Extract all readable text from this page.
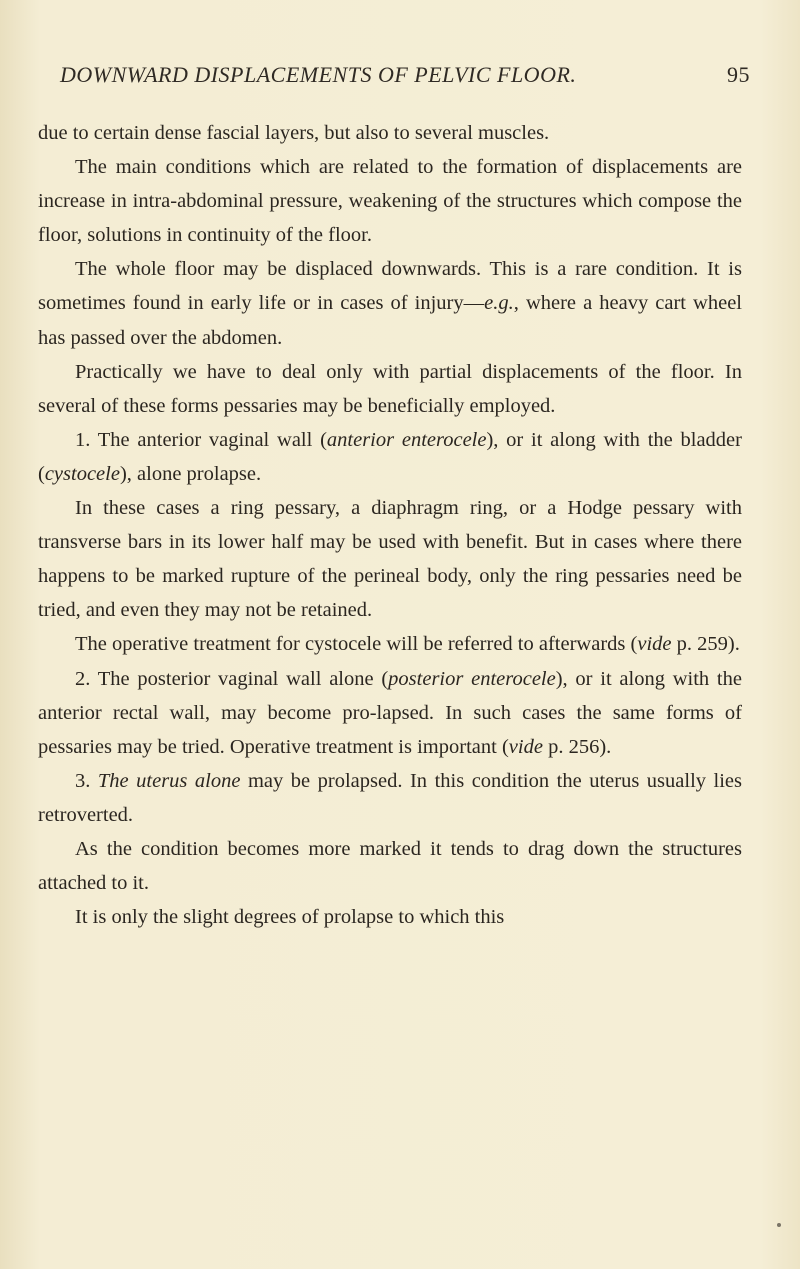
DOWNWARD DISPLACEMENTS OF PELVIC FLOOR.	95

due to certain dense fascial layers, but also to several muscles.

The main conditions which are related to the formation of displacements are increase in intra-abdominal pressure, weakening of the structures which compose the floor, solutions in continuity of the floor.

The whole floor may be displaced downwards. This is a rare condition. It is sometimes found in early life or in cases of injury—e.g., where a heavy cart wheel has passed over the abdomen.

Practically we have to deal only with partial displacements of the floor. In several of these forms pessaries may be beneficially employed.

1. The anterior vaginal wall (anterior enterocele), or it along with the bladder (cystocele), alone prolapse.

In these cases a ring pessary, a diaphragm ring, or a Hodge pessary with transverse bars in its lower half may be used with benefit. But in cases where there happens to be marked rupture of the perineal body, only the ring pessaries need be tried, and even they may not be retained.

The operative treatment for cystocele will be referred to afterwards (vide p. 259).

2. The posterior vaginal wall alone (posterior enterocele), or it along with the anterior rectal wall, may become pro-lapsed. In such cases the same forms of pessaries may be tried. Operative treatment is important (vide p. 256).

3. The uterus alone may be prolapsed. In this condition the uterus usually lies retroverted.

As the condition becomes more marked it tends to drag down the structures attached to it.

It is only the slight degrees of prolapse to which this
